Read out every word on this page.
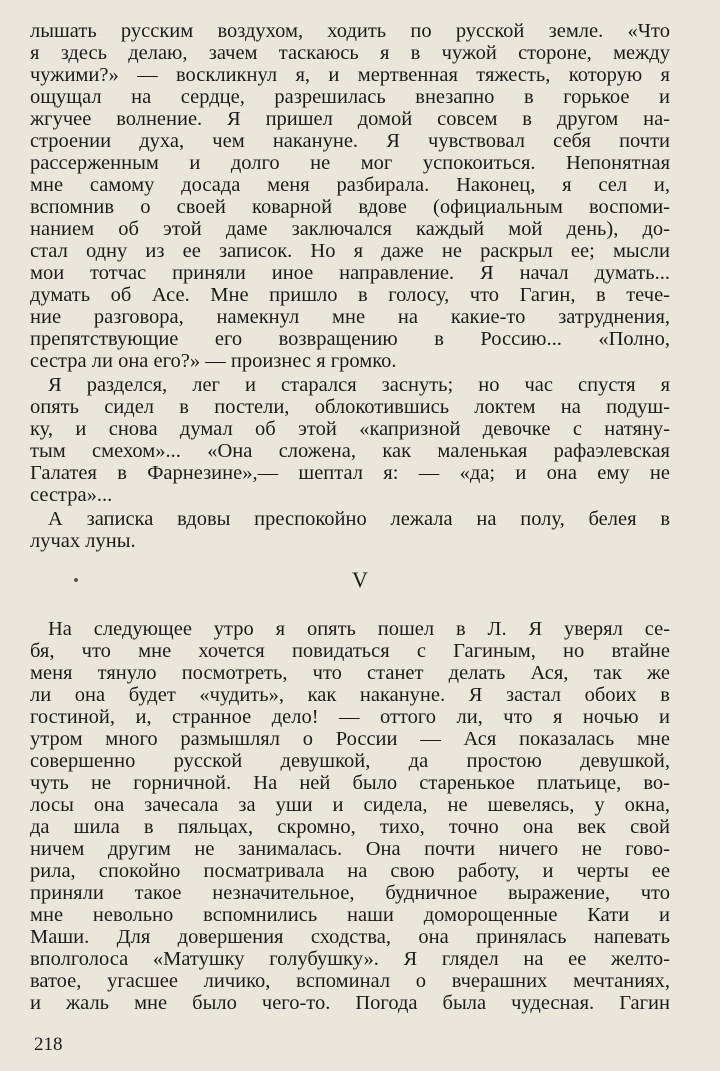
лышать русским воздухом, ходить по русской земле. «Что
я здесь делаю, зачем таскаюсь я в чужой стороне, между
чужими?» — воскликнул я, и мертвенная тяжесть, которую я
ощущал на сердце, разрешилась внезапно в горькое и
жгучее волнение. Я пришел домой совсем в другом на-
строении духа, чем накануне. Я чувствовал себя почти
рассерженным и долго не мог успокоиться. Непонятная
мне самому досада меня разбирала. Наконец, я сел и,
вспомнив о своей коварной вдове (официальным воспоми-
нанием об этой даме заключался каждый мой день), до-
стал одну из ее записок. Но я даже не раскрыл ее; мысли
мои тотчас приняли иное направление. Я начал думать...
думать об Асе. Мне пришло в голосу, что Гагин, в тече-
ние разговора, намекнул мне на какие-то затруднения,
препятствующие его возвращению в Россию... «Полно,
сестра ли она его?» — произнес я громко.
Я разделся, лег и старался заснуть; но час спустя я
опять сидел в постели, облокотившись локтем на подуш-
ку, и снова думал об этой «капризной девочке с натяну-
тым смехом»... «Она сложена, как маленькая рафаэлевская
Галатея в Фарнезине»,— шептал я: — «да; и она ему не
сестра»...
А записка вдовы преспокойно лежала на полу, белея в
лучах луны.
V
На следующее утро я опять пошел в Л. Я уверял се-
бя, что мне хочется повидаться с Гагиным, но втайне
меня тянуло посмотреть, что станет делать Ася, так же
ли она будет «чудить», как накануне. Я застал обоих в
гостиной, и, странное дело! — оттого ли, что я ночью и
утром много размышлял о России — Ася показалась мне
совершенно русской девушкой, да простою девушкой,
чуть не горничной. На ней было старенькое платьице, во-
лосы она зачесала за уши и сидела, не шевелясь, у окна,
да шила в пяльцах, скромно, тихо, точно она век свой
ничем другим не занималась. Она почти ничего не гово-
рила, спокойно посматривала на свою работу, и черты ее
приняли такое незначительное, будничное выражение, что
мне невольно вспомнились наши доморощенные Кати и
Маши. Для довершения сходства, она принялась напевать
вполголоса «Матушку голубушку». Я глядел на ее желто-
ватое, угасшее личико, вспоминал о вчерашних мечтаниях,
и жаль мне было чего-то. Погода была чудесная. Гагин
218
